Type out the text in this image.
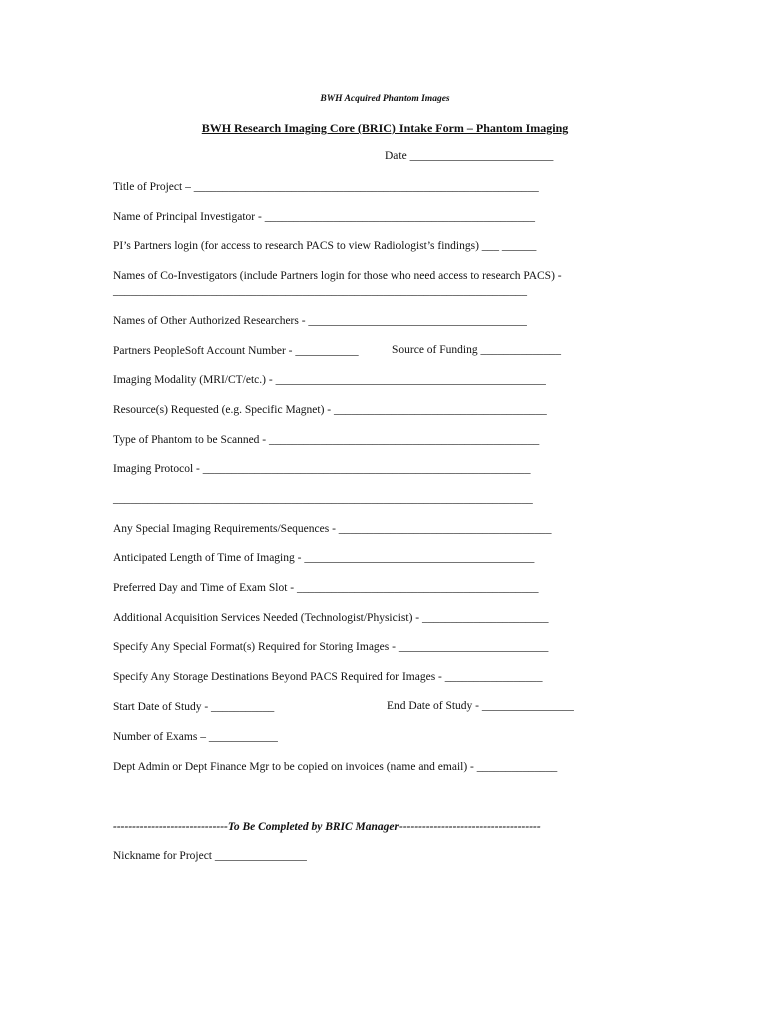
BWH Acquired Phantom Images
BWH Research Imaging Core (BRIC) Intake Form – Phantom Imaging
Date _________________________
Title of Project – ____________________________________________________________
Name of Principal Investigator - _______________________________________________
PI’s Partners login (for access to research PACS to view Radiologist’s findings) ___ ______
Names of Co-Investigators (include Partners login for those who need access to research PACS) -
________________________________________________________________________
Names of Other Authorized Researchers - ______________________________________
Partners PeopleSoft Account Number - ___________	Source of Funding ______________
Imaging Modality (MRI/CT/etc.) - _______________________________________________
Resource(s) Requested (e.g. Specific Magnet) - _____________________________________
Type of Phantom to be Scanned - _______________________________________________
Imaging Protocol - _________________________________________________________
_________________________________________________________________________
Any Special Imaging Requirements/Sequences - _____________________________________
Anticipated Length of Time of Imaging - ________________________________________
Preferred Day and Time of Exam Slot - __________________________________________
Additional Acquisition Services Needed (Technologist/Physicist) - ______________________
Specify Any Special Format(s) Required for Storing Images - __________________________
Specify Any Storage Destinations Beyond PACS Required for Images - _________________
Start Date of Study - ___________	End Date of Study - ________________
Number of Exams – ____________
Dept Admin or Dept Finance Mgr to be copied on invoices (name and email) - ______________
------------------------------To Be Completed by BRIC Manager-------------------------------------
Nickname for Project ________________
